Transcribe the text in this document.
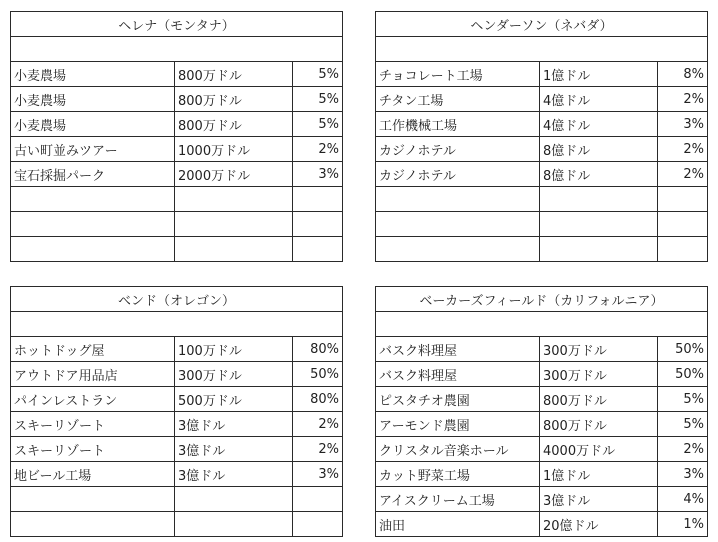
ヘレナ（モンタナ）		

小麦農場	800万ドル	5%
小麦農場	800万ドル	5%
小麦農場	800万ドル	5%
古い町並みツアー	1000万ドル	2%
宝石採掘パーク	2000万ドル	3%

ヘンダーソン（ネバダ）		

チョコレート工場	1億ドル	8%
チタン工場	4億ドル	2%
工作機械工場	4億ドル	3%
カジノホテル	8億ドル	2%
カジノホテル	8億ドル	2%

ベンド（オレゴン）		

ホットドッグ屋	100万ドル	80%
アウトドア用品店	300万ドル	50%
パインレストラン	500万ドル	80%
スキーリゾート	3億ドル	2%
スキーリゾート	3億ドル	2%
地ビール工場	3億ドル	3%

ベーカーズフィールド（カリフォルニア）		

バスク料理屋	300万ドル	50%
バスク料理屋	300万ドル	50%
ピスタチオ農園	800万ドル	5%
アーモンド農園	800万ドル	5%
クリスタル音楽ホール	4000万ドル	2%
カット野菜工場	1億ドル	3%
アイスクリーム工場	3億ドル	4%
油田	20億ドル	1%
